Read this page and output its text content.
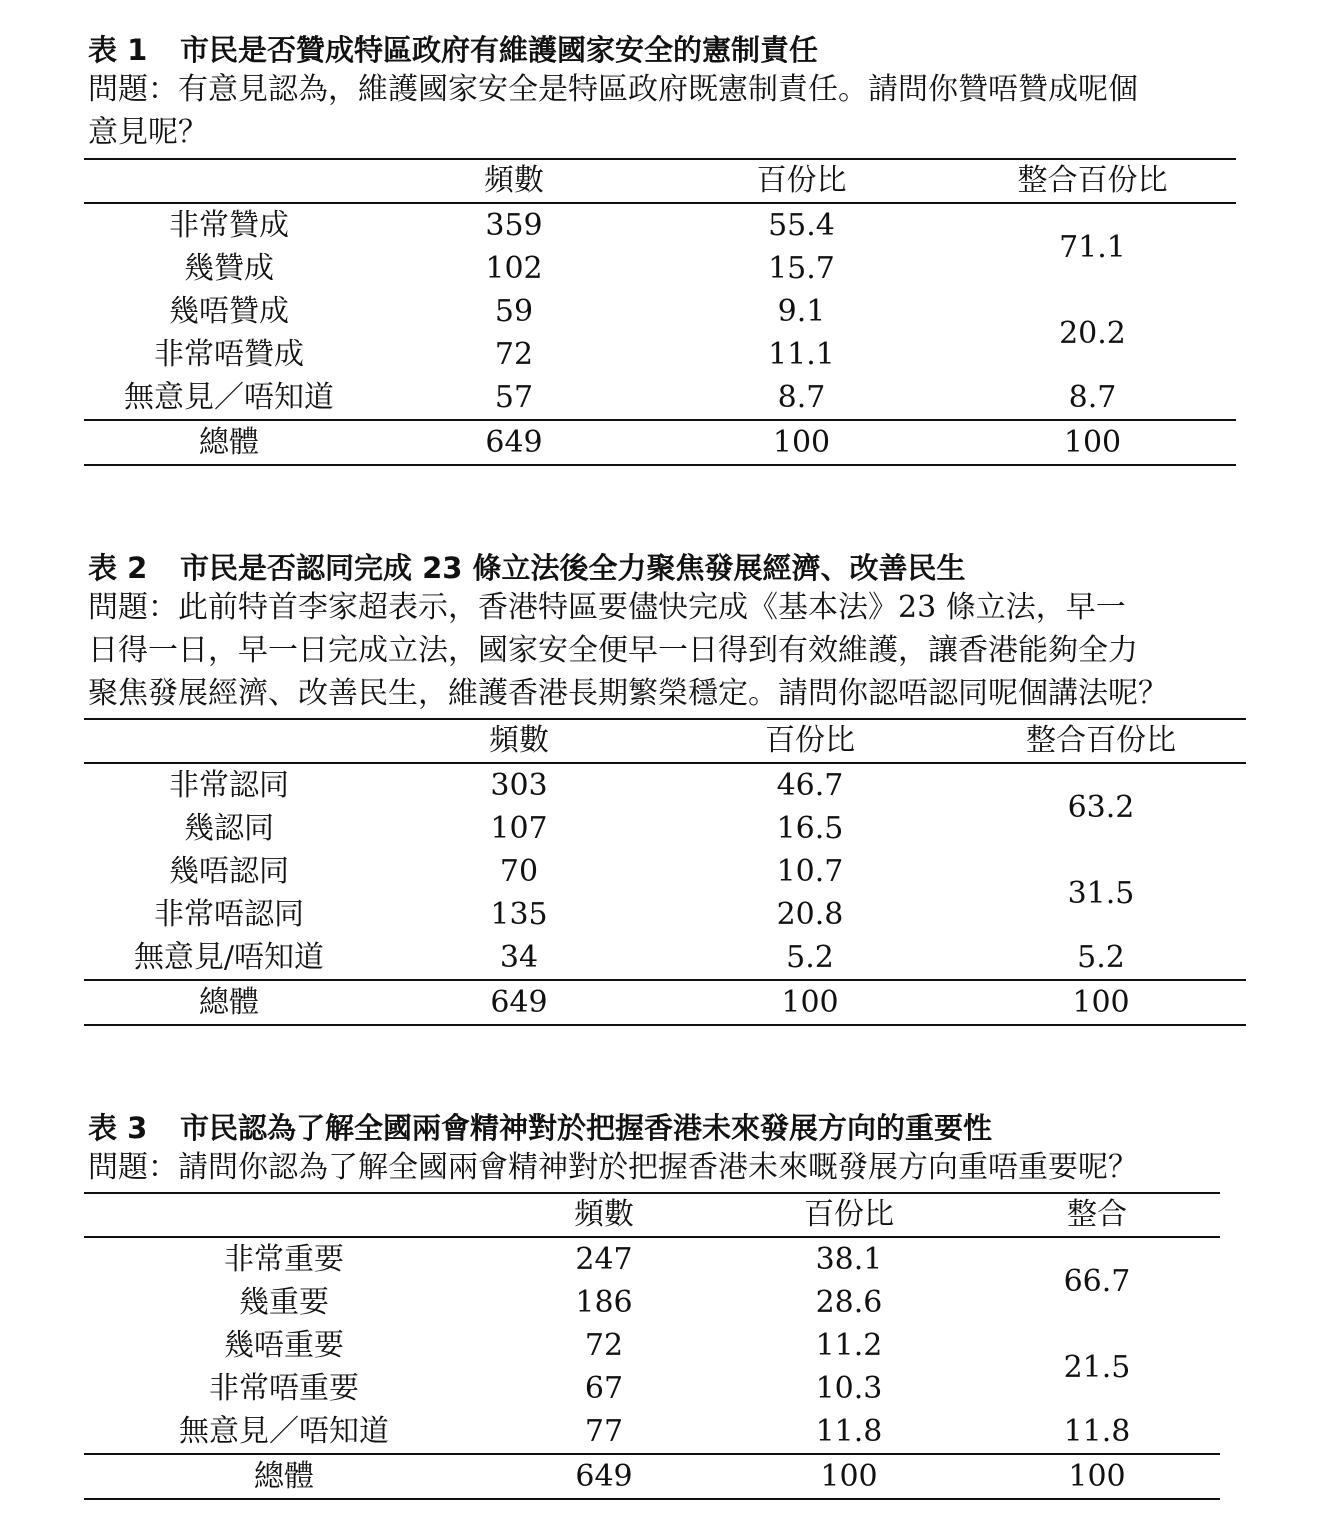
表 1 市民是否贊成特區政府有維護國家安全的憲制責任
問題：有意見認為，維護國家安全是特區政府既憲制責任。請問你贊唔贊成呢個
意見呢？
	頻數	百份比	整合百份比
非常贊成	359	55.4	71.1
幾贊成	102	15.7	
幾唔贊成	59	9.1	20.2
非常唔贊成	72	11.1	
無意見／唔知道	57	8.7	8.7
總體	649	100	100
表 2 市民是否認同完成 23 條立法後全力聚焦發展經濟、改善民生
問題：此前特首李家超表示，香港特區要儘快完成《基本法》23 條立法，早一
日得一日，早一日完成立法，國家安全便早一日得到有效維護，讓香港能夠全力
聚焦發展經濟、改善民生，維護香港長期繁榮穩定。請問你認唔認同呢個講法呢？
	頻數	百份比	整合百份比
非常認同	303	46.7	63.2
幾認同	107	16.5	
幾唔認同	70	10.7	31.5
非常唔認同	135	20.8	
無意見/唔知道	34	5.2	5.2
總體	649	100	100
表 3 市民認為了解全國兩會精神對於把握香港未來發展方向的重要性
問題：請問你認為了解全國兩會精神對於把握香港未來嘅發展方向重唔重要呢？
	頻數	百份比	整合
非常重要	247	38.1	66.7
幾重要	186	28.6	
幾唔重要	72	11.2	21.5
非常唔重要	67	10.3	
無意見／唔知道	77	11.8	11.8
總體	649	100	100
